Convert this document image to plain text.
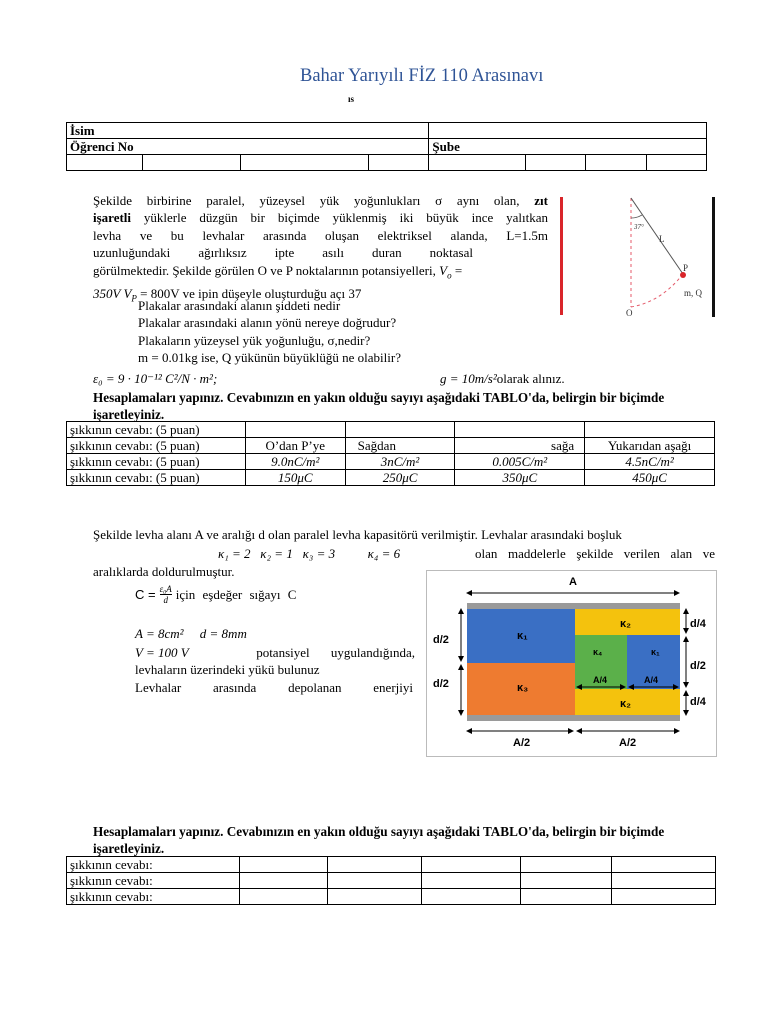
Bahar Yarıyılı FİZ 110 Arasınavı
ıs
İsim							
Öğrenci No				Şube			

Şekilde birbirine paralel, yüzeysel yük yoğunlukları σ aynı olan, zıt
işaretli yüklerle düzgün bir biçimde yüklenmiş iki büyük ince yalıtkan
levha ve bu levhalar arasında oluşan elektriksel alanda, L=1.5m
uzunluğundaki ağırlıksız ipte asılı duran noktasal
görülmektedir. Şekilde görülen O ve P noktalarının potansiyelleri, $V_o$ =
350V $V_P = 800V$ ve ipin düşeyle oluşturduğu açı 37
Plakalar arasındaki alanın şiddeti nedir
Plakalar arasındaki alanın yönü nereye doğrudur?
Plakaların yüzeysel yük yoğunluğu, σ,nedir?
m = 0.01kg ise, Q yükünün büyüklüğü ne olabilir?
ε₀ = 9 · 10⁻¹² C²/N · m²;	g = 10m/s²olarak alınız.
Hesaplamaları yapınız. Cevabınızın en yakın olduğu sayıyı aşağıdaki TABLO'da, belirgin bir biçimde işaretleyiniz.
37°
L
P
m, Q
O
şıkkının cevabı: (5 puan)				
şıkkının cevabı: (5 puan)	O’dan P’ye	Sağdan	sağa	Yukarıdan aşağı
şıkkının cevabı: (5 puan)	9.0nC/m²	3nC/m²	0.005C/m²	4.5nC/m²
şıkkının cevabı: (5 puan)	150μC	250μC	350μC	450μC
Şekilde levha alanı A ve aralığı d olan paralel levha kapasitörü verilmiştir. Levhalar arasındaki boşluk
κ₁ = 2   κ₂ = 1   κ₃ = 3          κ₄ = 6	olan maddelerle şekilde verilen alan ve
aralıklarda doldurulmuştur.
$C = \frac{\text{ε₀A}}{d}$ için eşdeğer sığayı C
A = 8cm²     d = 8mm
V = 100 V	potansiyel uygulandığında,
levhaların üzerindeki yükü bulunuz
Levhalar arasında depolanan enerjiyi
A
κ₁
κ₃
κ₂
κ₄	κ₁
κ₂
A/4	A/4
d/2
d/2
d/4
d/2
d/4
A/2	A/2
Hesaplamaları yapınız. Cevabınızın en yakın olduğu sayıyı aşağıdaki TABLO'da, belirgin bir biçimde işaretleyiniz.
şıkkının cevabı:					
şıkkının cevabı:					
şıkkının cevabı:					
